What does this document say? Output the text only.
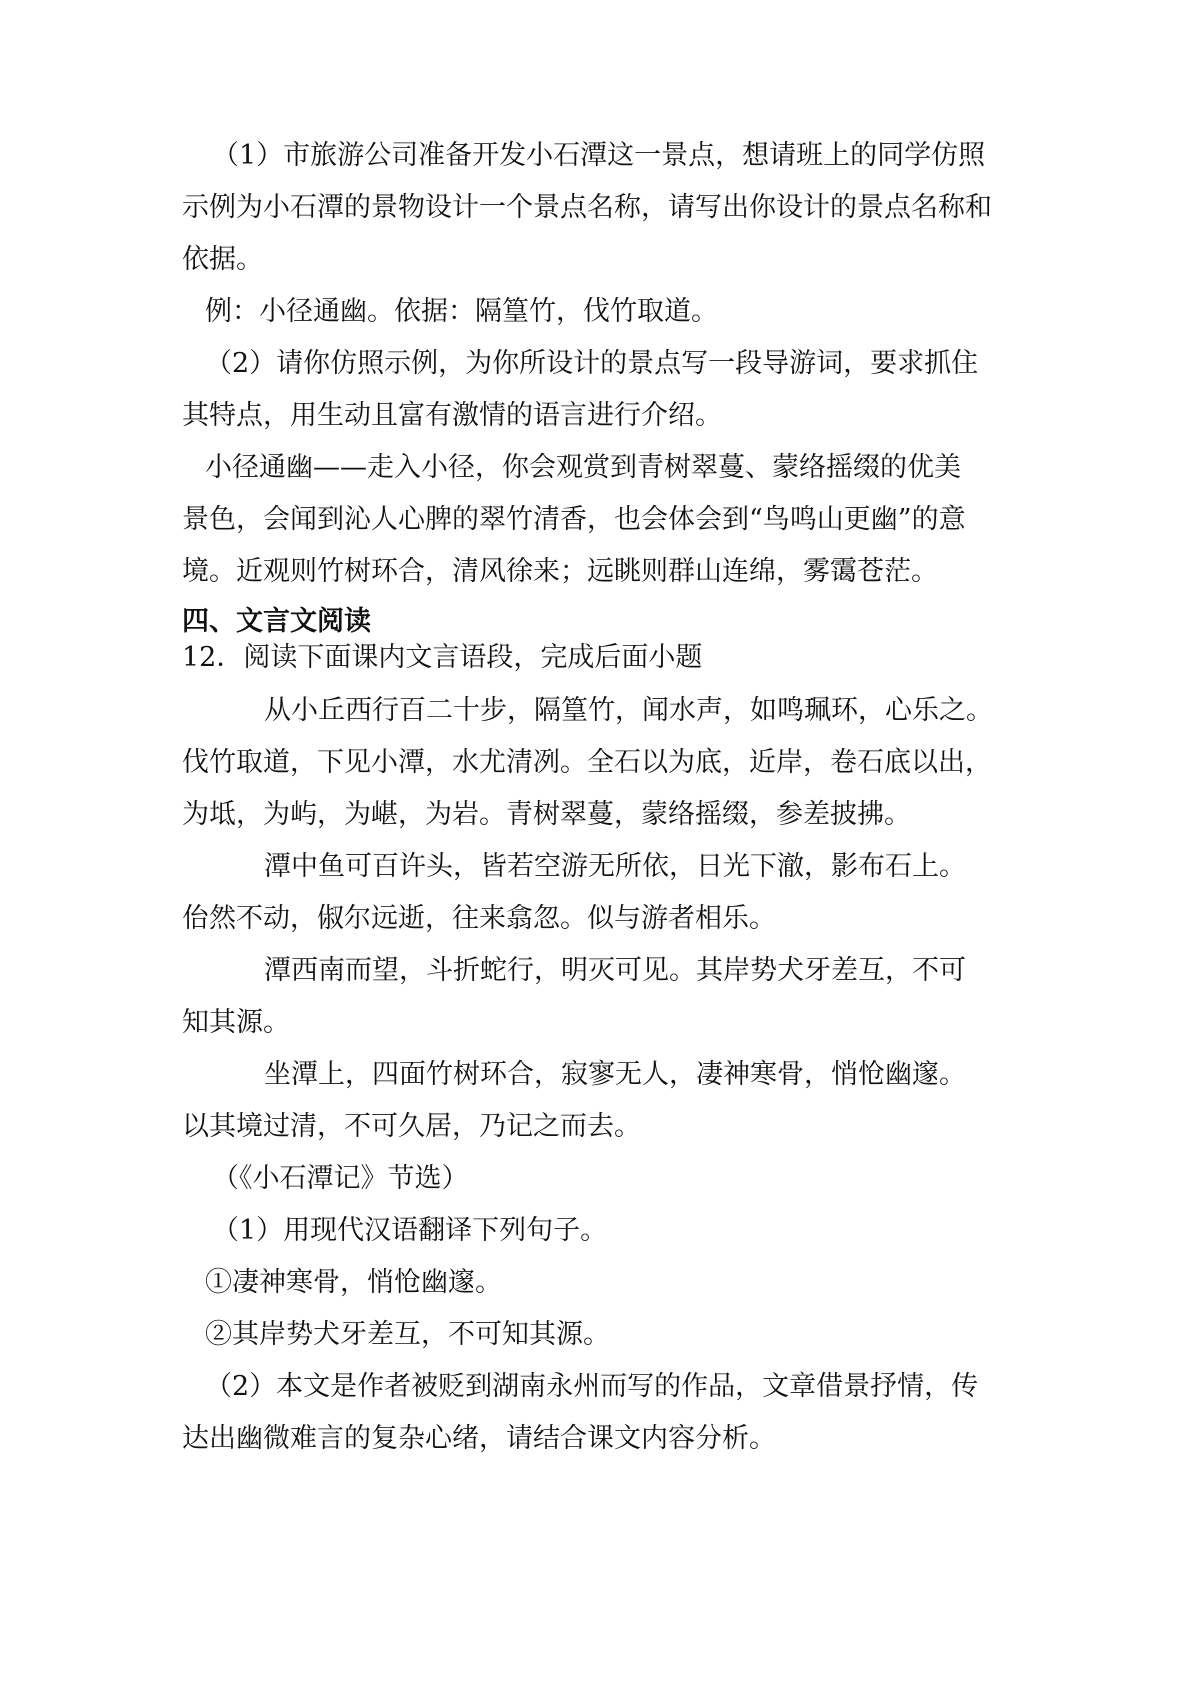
（1）市旅游公司准备开发小石潭这一景点，想请班上的同学仿照
示例为小石潭的景物设计一个景点名称，请写出你设计的景点名称和
依据。
例：小径通幽。依据：隔篁竹，伐竹取道。
（2）请你仿照示例，为你所设计的景点写一段导游词，要求抓住
其特点，用生动且富有激情的语言进行介绍。
小径通幽——走入小径，你会观赏到青树翠蔓、蒙络摇缀的优美
景色，会闻到沁人心脾的翠竹清香，也会体会到“鸟鸣山更幽”的意
境。近观则竹树环合，清风徐来；远眺则群山连绵，雾霭苍茫。
四、文言文阅读
12．阅读下面课内文言语段，完成后面小题
从小丘西行百二十步，隔篁竹，闻水声，如鸣珮环，心乐之。
伐竹取道，下见小潭，水尤清冽。全石以为底，近岸，卷石底以出，
为坻，为屿，为嵁，为岩。青树翠蔓，蒙络摇缀，参差披拂。
潭中鱼可百许头，皆若空游无所依，日光下澈，影布石上。
佁然不动，俶尔远逝，往来翕忽。似与游者相乐。
潭西南而望，斗折蛇行，明灭可见。其岸势犬牙差互，不可
知其源。
坐潭上，四面竹树环合，寂寥无人，凄神寒骨，悄怆幽邃。
以其境过清，不可久居，乃记之而去。
（《小石潭记》节选）
（1）用现代汉语翻译下列句子。
①凄神寒骨，悄怆幽邃。
②其岸势犬牙差互，不可知其源。
（2）本文是作者被贬到湖南永州而写的作品，文章借景抒情，传
达出幽微难言的复杂心绪，请结合课文内容分析。
